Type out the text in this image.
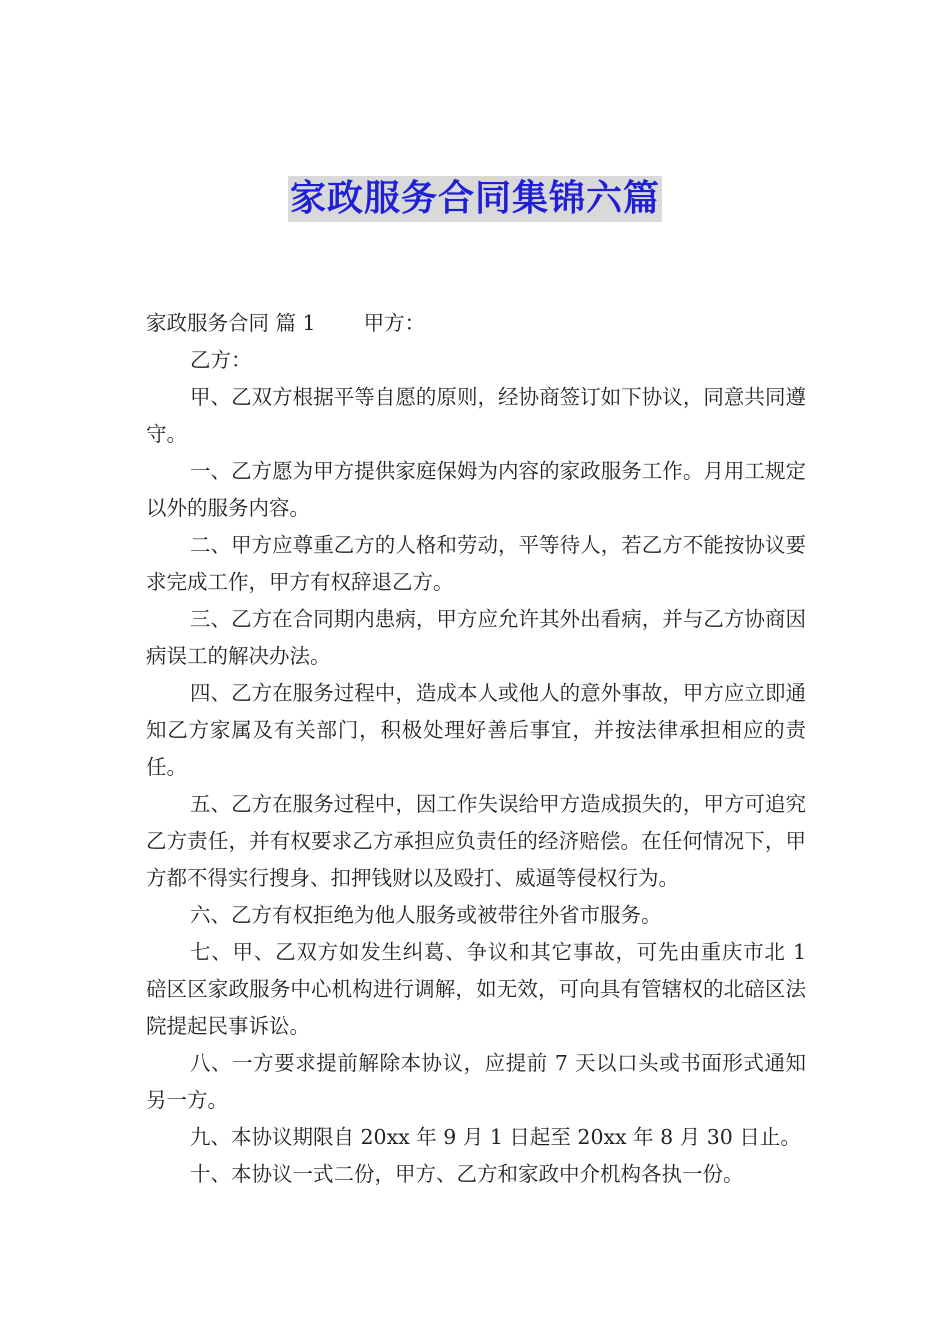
家政服务合同集锦六篇

家政服务合同 篇 1 甲方：

乙方：

甲、乙双方根据平等自愿的原则，经协商签订如下协议，同意共同遵守。

一、乙方愿为甲方提供家庭保姆为内容的家政服务工作。月用工规定以外的服务内容。

二、甲方应尊重乙方的人格和劳动，平等待人，若乙方不能按协议要求完成工作，甲方有权辞退乙方。

三、乙方在合同期内患病，甲方应允许其外出看病，并与乙方协商因病误工的解决办法。

四、乙方在服务过程中，造成本人或他人的意外事故，甲方应立即通知乙方家属及有关部门，积极处理好善后事宜，并按法律承担相应的责任。

五、乙方在服务过程中，因工作失误给甲方造成损失的，甲方可追究乙方责任，并有权要求乙方承担应负责任的经济赔偿。在任何情况下，甲方都不得实行搜身、扣押钱财以及殴打、威逼等侵权行为。

六、乙方有权拒绝为他人服务或被带往外省市服务。

七、甲、乙双方如发生纠葛、争议和其它事故，可先由重庆市北 1 碚区区家政服务中心机构进行调解，如无效，可向具有管辖权的北碚区法院提起民事诉讼。

八、一方要求提前解除本协议，应提前 7 天以口头或书面形式通知另一方。

九、本协议期限自 20xx 年 9 月 1 日起至 20xx 年 8 月 30 日止。

十、本协议一式二份，甲方、乙方和家政中介机构各执一份。
